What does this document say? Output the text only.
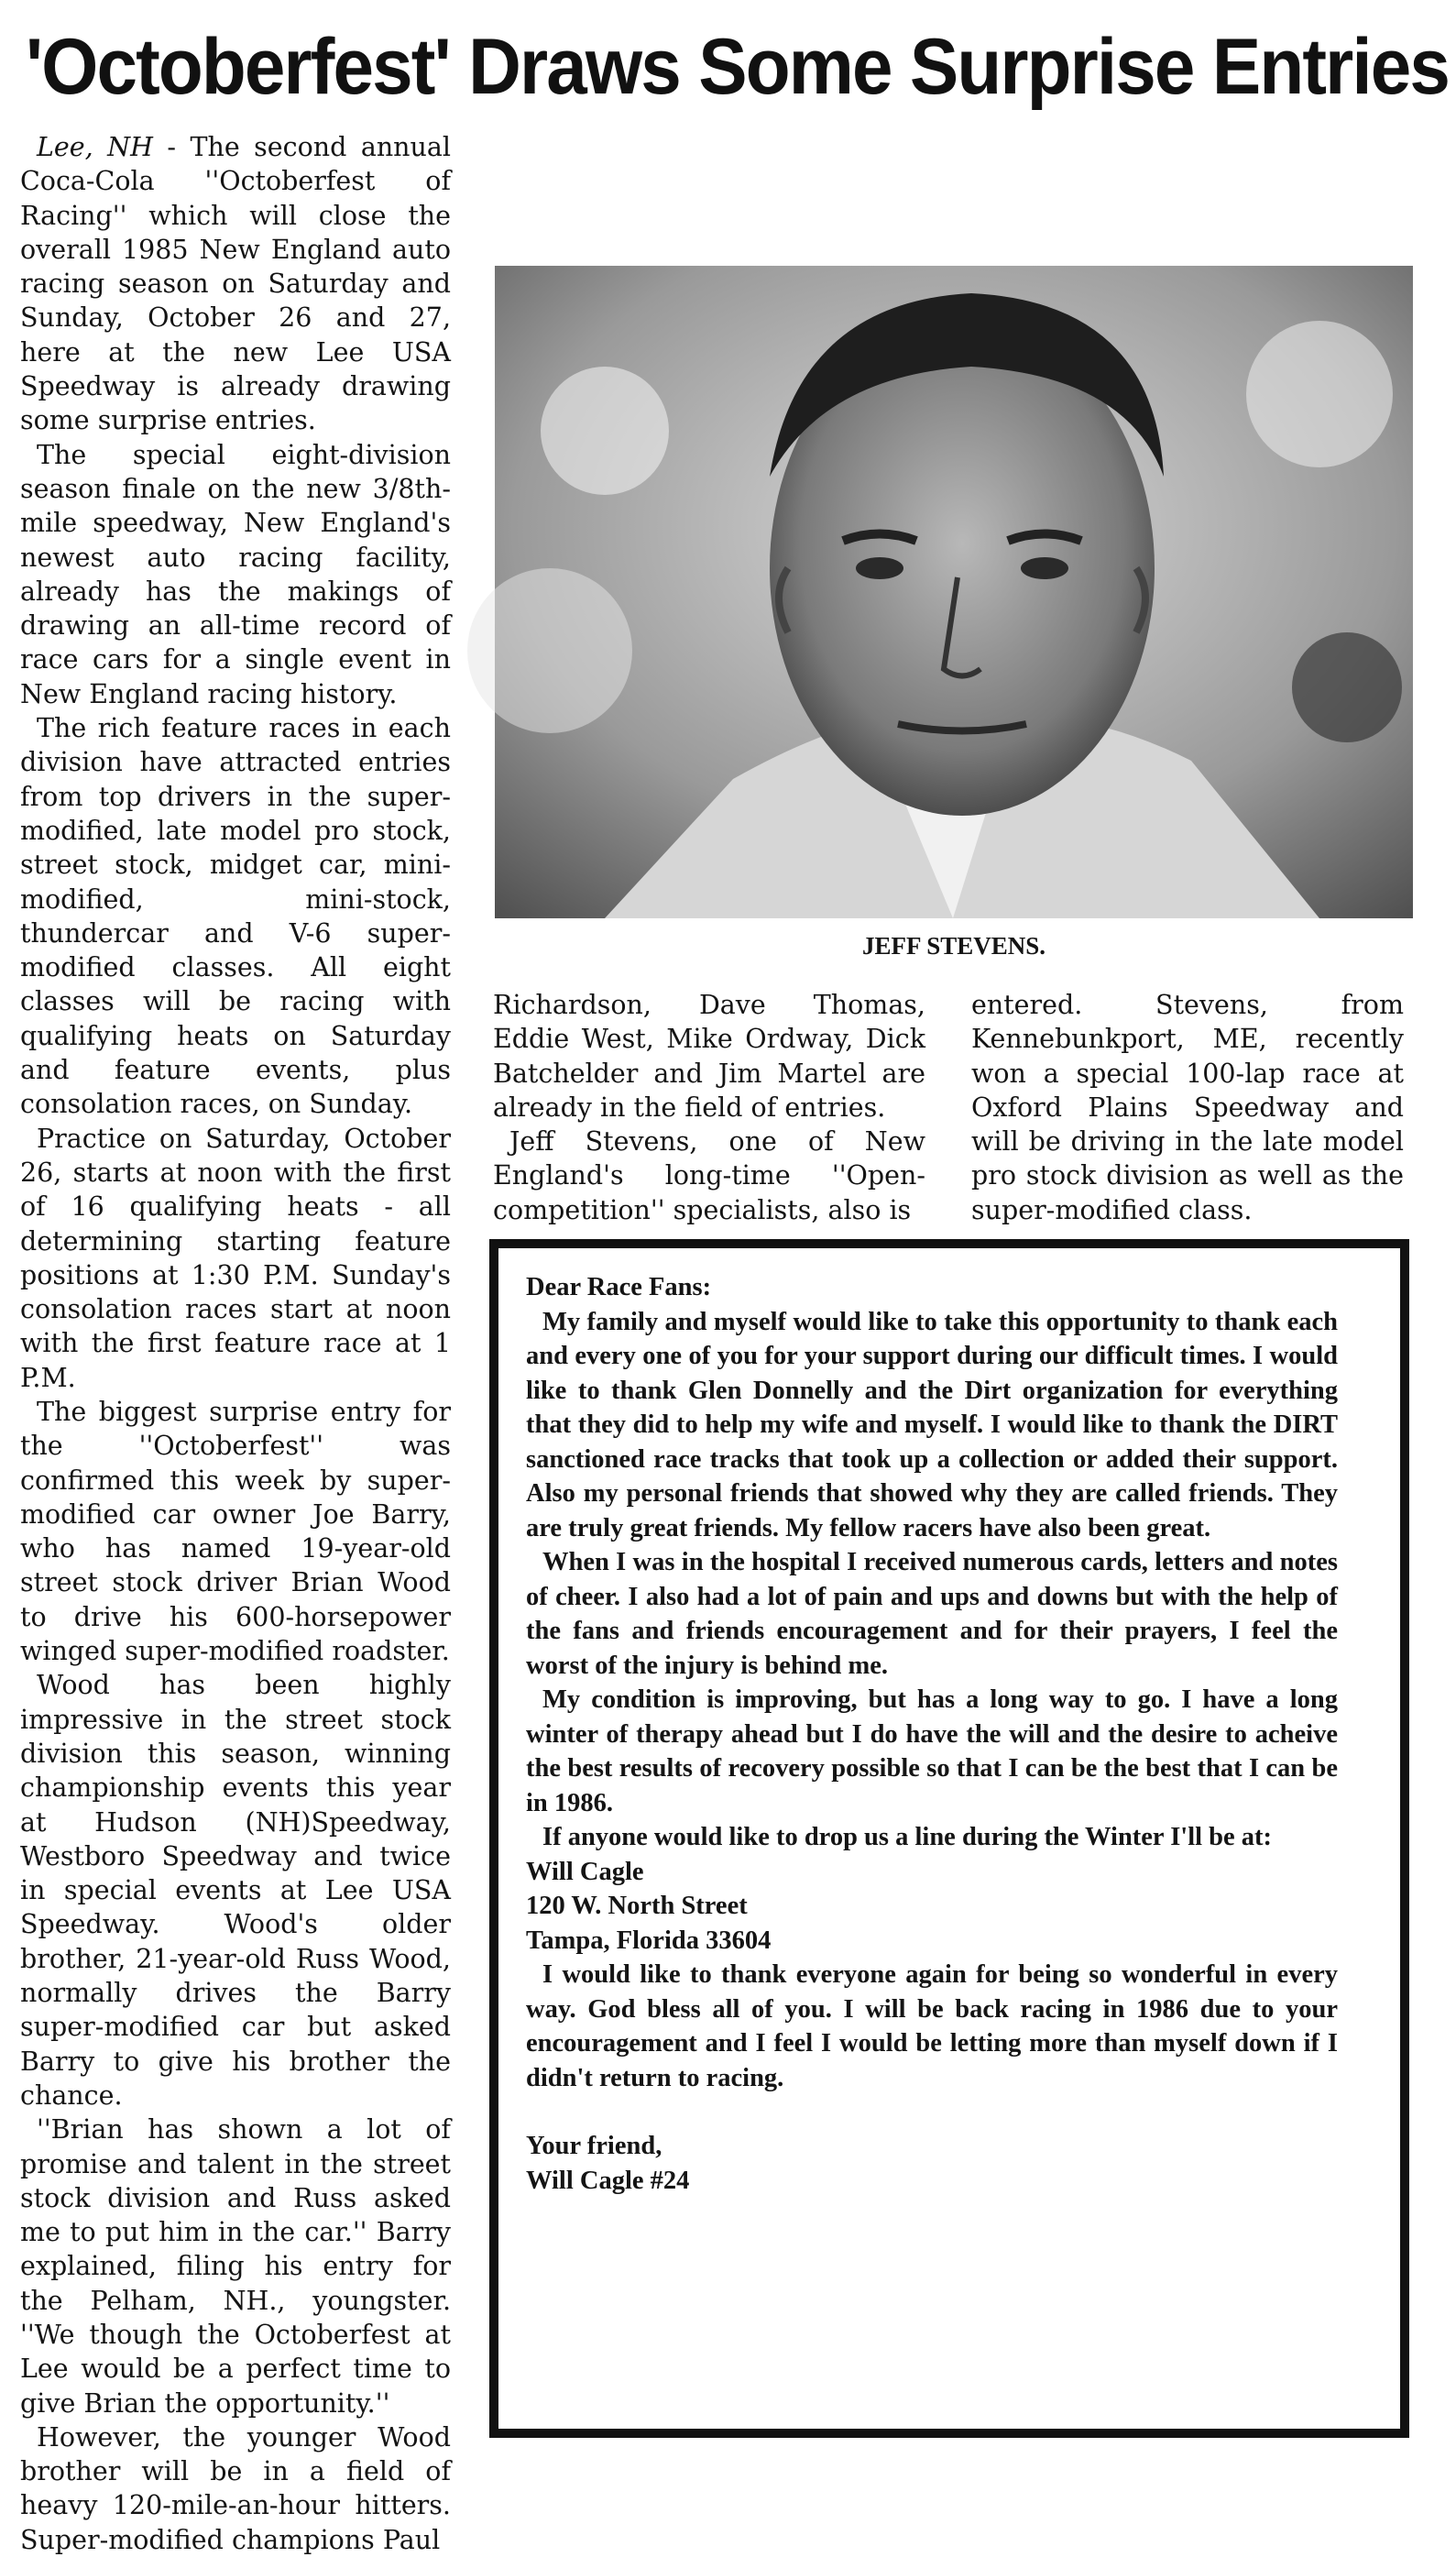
'Octoberfest' Draws Some Surprise Entries

Lee, NH - The second annual Coca-Cola ''Octoberfest of Racing'' which will close the overall 1985 New England auto racing season on Saturday and Sunday, October 26 and 27, here at the new Lee USA Speedway is already drawing some surprise entries.

The special eight-division season finale on the new 3/8th-mile speedway, New England's newest auto racing facility, already has the makings of drawing an all-time record of race cars for a single event in New England racing history.

The rich feature races in each division have attracted entries from top drivers in the super-modified, late model pro stock, street stock, midget car, mini-modified, mini-stock, thundercar and V-6 super-modified classes. All eight classes will be racing with qualifying heats on Saturday and feature events, plus consolation races, on Sunday.

Practice on Saturday, October 26, starts at noon with the first of 16 qualifying heats - all determining starting feature positions at 1:30 P.M. Sunday's consolation races start at noon with the first feature race at 1 P.M.

The biggest surprise entry for the ''Octoberfest'' was confirmed this week by super-modified car owner Joe Barry, who has named 19-year-old street stock driver Brian Wood to drive his 600-horsepower winged super-modified roadster.

Wood has been highly impressive in the street stock division this season, winning championship events this year at Hudson (NH)Speedway, Westboro Speedway and twice in special events at Lee USA Speedway. Wood's older brother, 21-year-old Russ Wood, normally drives the Barry super-modified car but asked Barry to give his brother the chance.

''Brian has shown a lot of promise and talent in the street stock division and Russ asked me to put him in the car.'' Barry explained, filing his entry for the Pelham, NH., youngster. ''We though the Octoberfest at Lee would be a perfect time to give Brian the opportunity.''

However, the younger Wood brother will be in a field of heavy 120-mile-an-hour hitters. Super-modified champions Paul

JEFF STEVENS.

Richardson, Dave Thomas, Eddie West, Mike Ordway, Dick Batchelder and Jim Martel are already in the field of entries.

Jeff Stevens, one of New England's long-time ''Open-competition'' specialists, also is

entered. Stevens, from Kennebunkport, ME, recently won a special 100-lap race at Oxford Plains Speedway and will be driving in the late model pro stock division as well as the super-modified class.

Dear Race Fans:

My family and myself would like to take this opportunity to thank each and every one of you for your support during our difficult times. I would like to thank Glen Donnelly and the Dirt organization for everything that they did to help my wife and myself. I would like to thank the DIRT sanctioned race tracks that took up a collection or added their support. Also my personal friends that showed why they are called friends. They are truly great friends. My fellow racers have also been great.

When I was in the hospital I received numerous cards, letters and notes of cheer. I also had a lot of pain and ups and downs but with the help of the fans and friends encouragement and for their prayers, I feel the worst of the injury is behind me.

My condition is improving, but has a long way to go. I have a long winter of therapy ahead but I do have the will and the desire to acheive the best results of recovery possible so that I can be the best that I can be in 1986.

If anyone would like to drop us a line during the Winter I'll be at:

Will Cagle

120 W. North Street

Tampa, Florida 33604

I would like to thank everyone again for being so wonderful in every way. God bless all of you. I will be back racing in 1986 due to your encouragement and I feel I would be letting more than myself down if I didn't return to racing.

Your friend,

Will Cagle #24
